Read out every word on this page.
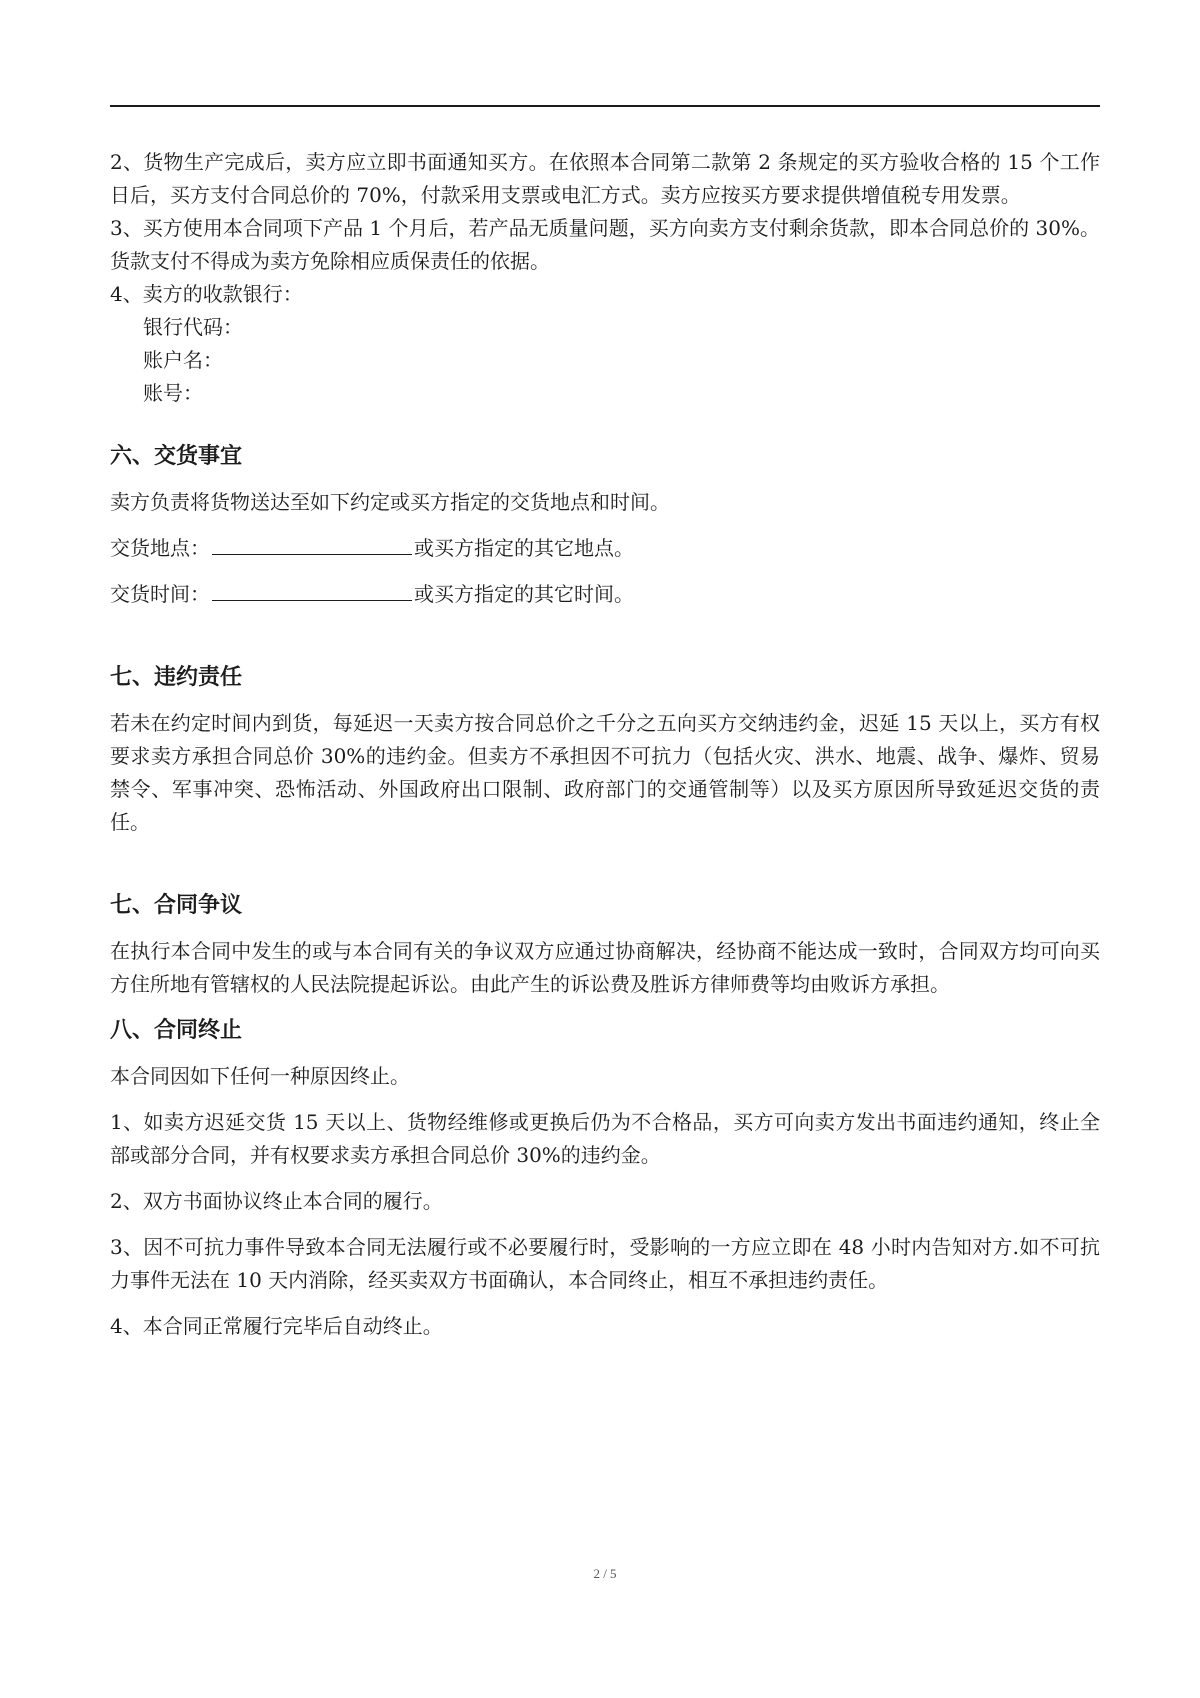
2、货物生产完成后，卖方应立即书面通知买方。在依照本合同第二款第 2 条规定的买方验收合格的 15 个工作日后，买方支付合同总价的 70%，付款采用支票或电汇方式。卖方应按买方要求提供增值税专用发票。

3、买方使用本合同项下产品 1 个月后，若产品无质量问题，买方向卖方支付剩余货款，即本合同总价的 30%。货款支付不得成为卖方免除相应质保责任的依据。

4、卖方的收款银行：

银行代码：

账户名：

账号：

六、交货事宜

卖方负责将货物送达至如下约定或买方指定的交货地点和时间。

交货地点：	或买方指定的其它地点。

交货时间：	或买方指定的其它时间。

七、违约责任

若未在约定时间内到货，每延迟一天卖方按合同总价之千分之五向买方交纳违约金，迟延 15 天以上，买方有权要求卖方承担合同总价 30%的违约金。但卖方不承担因不可抗力（包括火灾、洪水、地震、战争、爆炸、贸易禁令、军事冲突、恐怖活动、外国政府出口限制、政府部门的交通管制等）以及买方原因所导致延迟交货的责任。

七、合同争议

在执行本合同中发生的或与本合同有关的争议双方应通过协商解决，经协商不能达成一致时，合同双方均可向买方住所地有管辖权的人民法院提起诉讼。由此产生的诉讼费及胜诉方律师费等均由败诉方承担。

八、合同终止

本合同因如下任何一种原因终止。

1、如卖方迟延交货 15 天以上、货物经维修或更换后仍为不合格品，买方可向卖方发出书面违约通知，终止全部或部分合同，并有权要求卖方承担合同总价 30%的违约金。

2、双方书面协议终止本合同的履行。

3、因不可抗力事件导致本合同无法履行或不必要履行时，受影响的一方应立即在 48 小时内告知对方.如不可抗力事件无法在 10 天内消除，经买卖双方书面确认，本合同终止，相互不承担违约责任。

4、本合同正常履行完毕后自动终止。

2 / 5
